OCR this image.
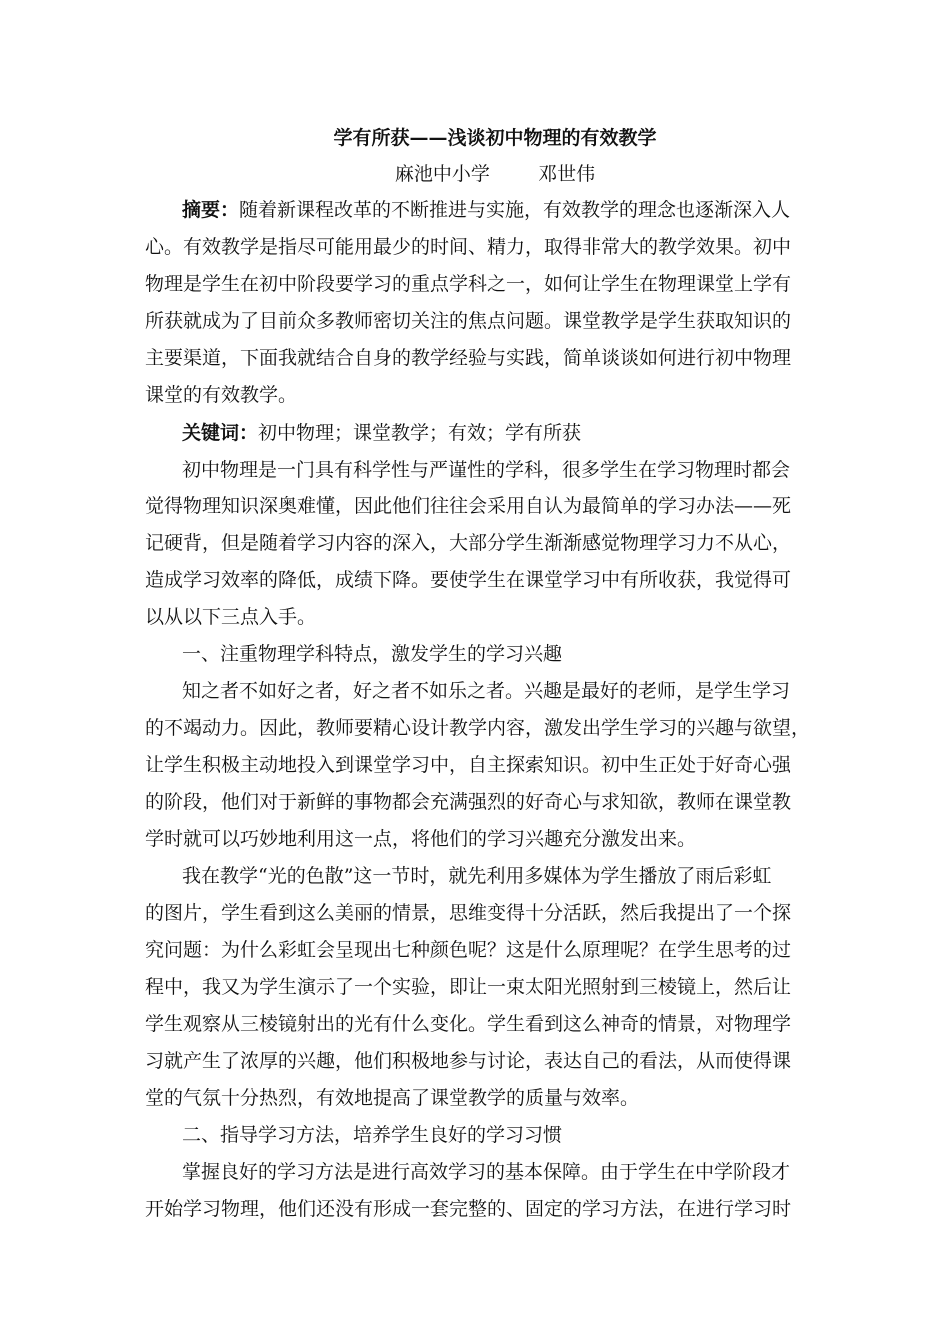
学有所获——浅谈初中物理的有效教学
麻池中小学        邓世伟
摘要：随着新课程改革的不断推进与实施，有效教学的理念也逐渐深入人
心。有效教学是指尽可能用最少的时间、精力，取得非常大的教学效果。初中
物理是学生在初中阶段要学习的重点学科之一，如何让学生在物理课堂上学有
所获就成为了目前众多教师密切关注的焦点问题。课堂教学是学生获取知识的
主要渠道，下面我就结合自身的教学经验与实践，简单谈谈如何进行初中物理
课堂的有效教学。
关键词：初中物理；课堂教学；有效；学有所获
初中物理是一门具有科学性与严谨性的学科，很多学生在学习物理时都会
觉得物理知识深奥难懂，因此他们往往会采用自认为最简单的学习办法——死
记硬背，但是随着学习内容的深入，大部分学生渐渐感觉物理学习力不从心，
造成学习效率的降低，成绩下降。要使学生在课堂学习中有所收获，我觉得可
以从以下三点入手。
一、注重物理学科特点，激发学生的学习兴趣
知之者不如好之者，好之者不如乐之者。兴趣是最好的老师，是学生学习
的不竭动力。因此，教师要精心设计教学内容，激发出学生学习的兴趣与欲望，
让学生积极主动地投入到课堂学习中，自主探索知识。初中生正处于好奇心强
的阶段，他们对于新鲜的事物都会充满强烈的好奇心与求知欲，教师在课堂教
学时就可以巧妙地利用这一点，将他们的学习兴趣充分激发出来。
我在教学“光的色散”这一节时，就先利用多媒体为学生播放了雨后彩虹
的图片，学生看到这么美丽的情景，思维变得十分活跃，然后我提出了一个探
究问题：为什么彩虹会呈现出七种颜色呢？这是什么原理呢？在学生思考的过
程中，我又为学生演示了一个实验，即让一束太阳光照射到三棱镜上，然后让
学生观察从三棱镜射出的光有什么变化。学生看到这么神奇的情景，对物理学
习就产生了浓厚的兴趣，他们积极地参与讨论，表达自己的看法，从而使得课
堂的气氛十分热烈，有效地提高了课堂教学的质量与效率。
二、指导学习方法，培养学生良好的学习习惯
掌握良好的学习方法是进行高效学习的基本保障。由于学生在中学阶段才
开始学习物理，他们还没有形成一套完整的、固定的学习方法，在进行学习时
